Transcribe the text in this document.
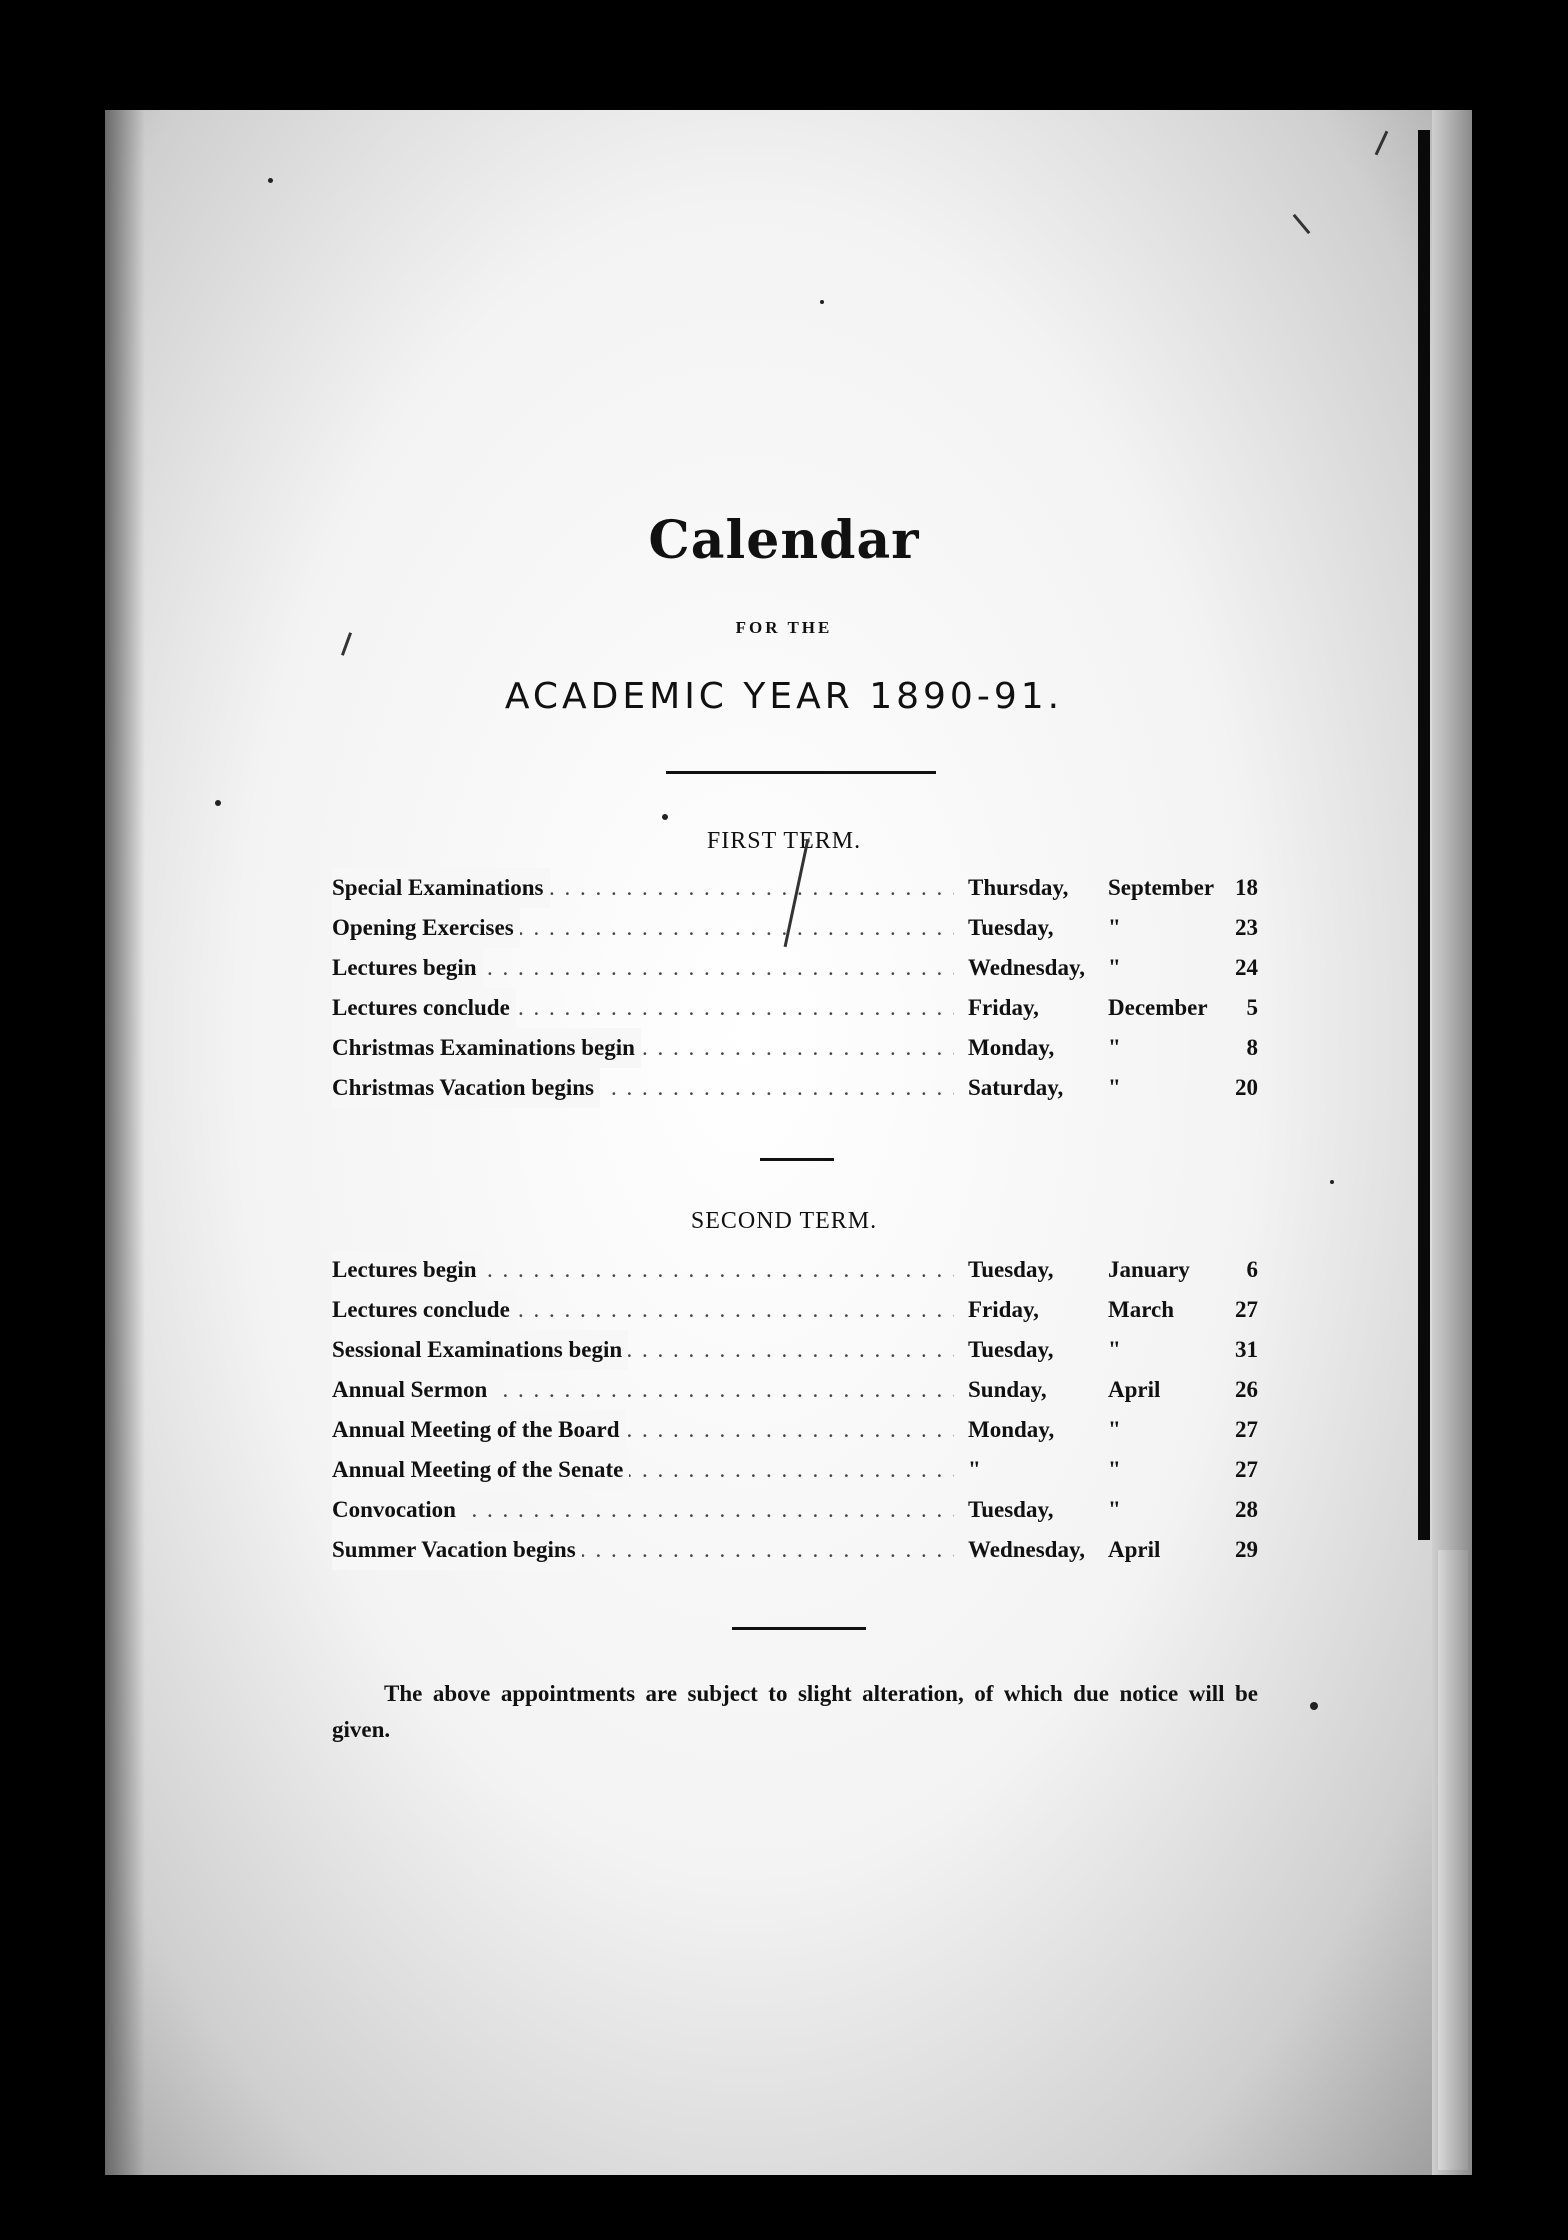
Calendar
FOR THE
ACADEMIC YEAR 1890-91.
FIRST TERM.
. . .
Special Examinations	Thursday, September 18
. . .
Opening Exercises	Tuesday, "	23
. . .
Lectures begin	Wednesday, "	24
. . .
Lectures conclude	Friday,	December 5
. . .
Christmas Examinations begin	Monday, "	8
. . .
Christmas Vacation begins	Saturday, "	20
SECOND TERM.
. . .
Lectures begin	Tuesday, January 6
. . .
Lectures conclude	Friday,	March	27
. . .
Sessional Examinations begin	Tuesday, "	31
. . .
Annual Sermon	Sunday,	April	26
. . .
Annual Meeting of the Board	Monday, "	27
. . .
Annual Meeting of the Senate	"	"	27
. . .
Convocation	Tuesday, "	28
. . .
Summer Vacation begins	Wednesday, April	29
The above appointments are subject to slight alteration, of which due notice will be given.
